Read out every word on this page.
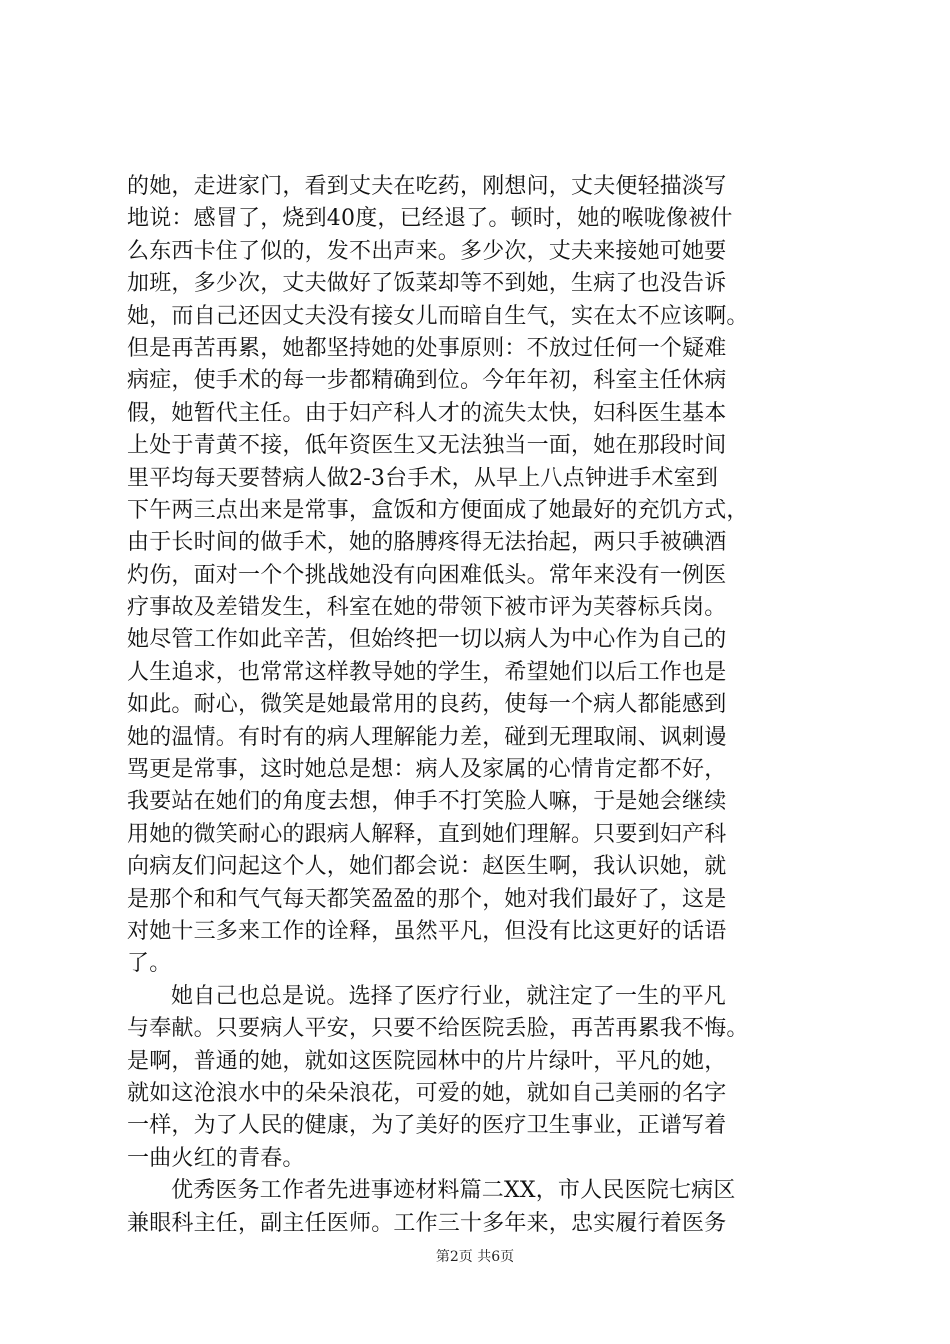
的她，走进家门，看到丈夫在吃药，刚想问，丈夫便轻描淡写
地说：感冒了，烧到40度，已经退了。顿时，她的喉咙像被什
么东西卡住了似的，发不出声来。多少次，丈夫来接她可她要
加班，多少次，丈夫做好了饭菜却等不到她，生病了也没告诉
她，而自己还因丈夫没有接女儿而暗自生气，实在太不应该啊。
但是再苦再累，她都坚持她的处事原则：不放过任何一个疑难
病症，使手术的每一步都精确到位。今年年初，科室主任休病
假，她暂代主任。由于妇产科人才的流失太快，妇科医生基本
上处于青黄不接，低年资医生又无法独当一面，她在那段时间
里平均每天要替病人做2-3台手术，从早上八点钟进手术室到
下午两三点出来是常事，盒饭和方便面成了她最好的充饥方式，
由于长时间的做手术，她的胳膊疼得无法抬起，两只手被碘酒
灼伤，面对一个个挑战她没有向困难低头。常年来没有一例医
疗事故及差错发生，科室在她的带领下被市评为芙蓉标兵岗。
她尽管工作如此辛苦，但始终把一切以病人为中心作为自己的
人生追求，也常常这样教导她的学生，希望她们以后工作也是
如此。耐心，微笑是她最常用的良药，使每一个病人都能感到
她的温情。有时有的病人理解能力差，碰到无理取闹、讽刺谩
骂更是常事，这时她总是想：病人及家属的心情肯定都不好，
我要站在她们的角度去想，伸手不打笑脸人嘛，于是她会继续
用她的微笑耐心的跟病人解释，直到她们理解。只要到妇产科
向病友们问起这个人，她们都会说：赵医生啊，我认识她，就
是那个和和气气每天都笑盈盈的那个，她对我们最好了，这是
对她十三多来工作的诠释，虽然平凡，但没有比这更好的话语
了。
她自己也总是说。选择了医疗行业，就注定了一生的平凡
与奉献。只要病人平安，只要不给医院丢脸，再苦再累我不悔。
是啊，普通的她，就如这医院园林中的片片绿叶，平凡的她，
就如这沧浪水中的朵朵浪花，可爱的她，就如自己美丽的名字
一样，为了人民的健康，为了美好的医疗卫生事业，正谱写着
一曲火红的青春。
优秀医务工作者先进事迹材料篇二XX，市人民医院七病区
兼眼科主任，副主任医师。工作三十多年来，忠实履行着医务
第2页 共6页
